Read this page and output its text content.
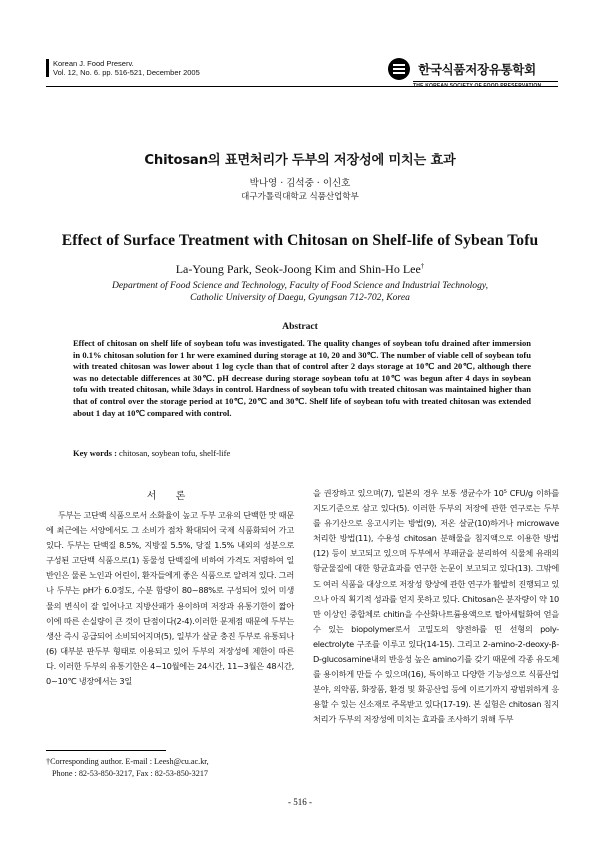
Korean J. Food Preserv.
Vol. 12, No. 6. pp. 516-521, December 2005	한국식품저장유통학회
Chitosan의 표면처리가 두부의 저장성에 미치는 효과
박나영 · 김석중 · 이신호
대구가톨릭대학교 식품산업학부
Effect of Surface Treatment with Chitosan on Shelf-life of Sybean Tofu
La-Young Park, Seok-Joong Kim and Shin-Ho Lee†
Department of Food Science and Technology, Faculty of Food Science and Industrial Technology,
Catholic University of Daegu, Gyungsan 712-702, Korea
Abstract
Effect of chitosan on shelf life of soybean tofu was investigated. The quality changes of soybean tofu drained after immersion in 0.1% chitosan solution for 1 hr were examined during storage at 10, 20 and 30℃. The number of viable cell of soybean tofu with treated chitosan was lower about 1 log cycle than that of control after 2 days storage at 10℃ and 20℃, although there was no detectable differences at 30℃. pH decrease during storage soybean tofu at 10℃ was begun after 4 days in soybean tofu with treated chitosan, while 3days in control. Hardness of soybean tofu with treated chitosan was maintained higher than that of control over the storage period at 10℃, 20℃ and 30℃. Shelf life of soybean tofu with treated chitosan was extended about 1 day at 10℃ compared with control.
Key words : chitosan, soybean tofu, shelf-life
서 론

두부는 고단백 식품으로서 소화율이 높고 두부 고유의 단백한 맛 때문에 최근에는 서양에서도 그 소비가 점차 확대되어 국제 식품화되어 가고 있다. 두부는 단백질 8.5%, 지방질 5.5%, 당질 1.5% 내외의 성분으로 구성된 고단백 식품으로(1) 동물성 단백질에 비하여 가격도 저렴하여 일반인은 물론 노인과 어린이, 환자들에게 좋은 식품으로 알려져 있다. 그러나 두부는 pH가 6.0정도, 수분 함량이 80~88%로 구성되어 있어 미생물의 변식이 잘 일어나고 지방산패가 용이하며 저장과 유통기한이 짧아 이에 따른 손실량이 큰 것이 단점이다(2-4).이러한 문제점 때문에 두부는 생산 즉시 공급되어 소비되어지며(5), 일부가 살균 충진 두부로 유통되나(6) 대부분 판두부 형태로 이용되고 있어 두부의 저장성에 제한이 따른다. 이러한 두부의 유통기한은 4~10월에는 24시간, 11~3월은 48시간, 0~10℃ 냉장에서는 3일

을 권장하고 있으며(7), 일본의 경우 보통 생균수가 10⁵ CFU/g 이하를 지도기준으로 삼고 있다(5). 이러한 두부의 저장에 관한 연구로는 두부를 유기산으로 응고시키는 방법(9), 저온 살균(10)하거나 microwave 처리한 방법(11), 수용성 chitosan 분해물을 침지액으로 이용한 방법(12) 등이 보고되고 있으며 두부에서 부패균을 분리하여 식물체 유래의 항균물질에 대한 항균효과를 연구한 논문이 보고되고 있다(13). 그밖에도 여러 식품을 대상으로 저장성 향상에 관한 연구가 활발히 진행되고 있으나 아직 획기적 성과를 얻지 못하고 있다. Chitosan은 분자량이 약 10만 이상인 중합체로 chitin을 수산화나트륨용액으로 탈아세틸화여 얻을 수 있는 biopolymer로서 고밀도의 양전하를 띤 선형의 poly-electrolyte 구조를 이루고 있다(14-15). 그리고 2-amino-2-deoxy-β-D-glucosamine내의 반응성 높은 amino기를 갖기 때문에 각종 유도체를 용이하게 만들 수 있으며(16), 특이하고 다양한 기능성으로 식품산업분야, 의약품, 화장품, 환경 및 화공산업 등에 이르기까지 광범위하게 응용할 수 있는 신소재로 주목받고 있다(17-19). 본 실험은 chitosan 침지처리가 두부의 저장성에 미치는 효과를 조사하기 위해 두부

†Corresponding author. E-mail : Leesh@cu.ac.kr,
Phone : 82-53-850-3217, Fax : 82-53-850-3217
- 516 -
